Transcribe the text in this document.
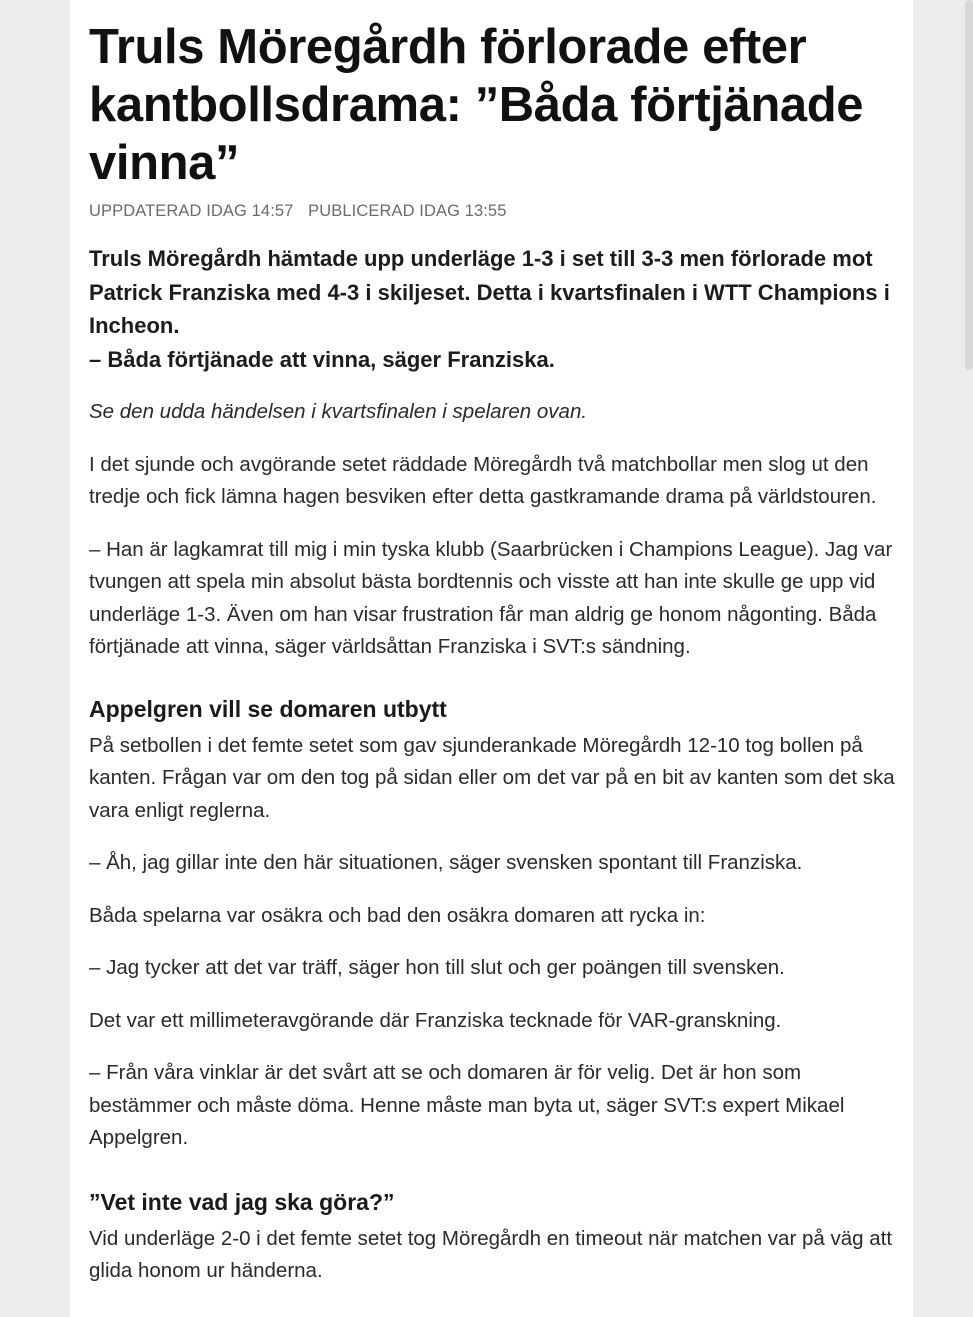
Truls Möregårdh förlorade efter kantbollsdrama: ”Båda förtjänade vinna”
UPPDATERAD IDAG 14:57 PUBLICERAD IDAG 13:55

Truls Möregårdh hämtade upp underläge 1-3 i set till 3-3 men förlorade mot Patrick Franziska med 4-3 i skiljeset. Detta i kvartsfinalen i WTT Champions i Incheon.

– Båda förtjänade att vinna, säger Franziska.

Se den udda händelsen i kvartsfinalen i spelaren ovan.

I det sjunde och avgörande setet räddade Möregårdh två matchbollar men slog ut den tredje och fick lämna hagen besviken efter detta gastkramande drama på världstouren.

– Han är lagkamrat till mig i min tyska klubb (Saarbrücken i Champions League). Jag var tvungen att spela min absolut bästa bordtennis och visste att han inte skulle ge upp vid underläge 1-3. Även om han visar frustration får man aldrig ge honom någonting. Båda förtjänade att vinna, säger världsåttan Franziska i SVT:s sändning.

Appelgren vill se domaren utbytt

På setbollen i det femte setet som gav sjunderankade Möregårdh 12-10 tog bollen på kanten. Frågan var om den tog på sidan eller om det var på en bit av kanten som det ska vara enligt reglerna.

– Åh, jag gillar inte den här situationen, säger svensken spontant till Franziska.

Båda spelarna var osäkra och bad den osäkra domaren att rycka in:

– Jag tycker att det var träff, säger hon till slut och ger poängen till svensken.

Det var ett millimeteravgörande där Franziska tecknade för VAR-granskning.

– Från våra vinklar är det svårt att se och domaren är för velig. Det är hon som bestämmer och måste döma. Henne måste man byta ut, säger SVT:s expert Mikael Appelgren.

”Vet inte vad jag ska göra?”

Vid underläge 2-0 i det femte setet tog Möregårdh en timeout när matchen var på väg att glida honom ur händerna.
